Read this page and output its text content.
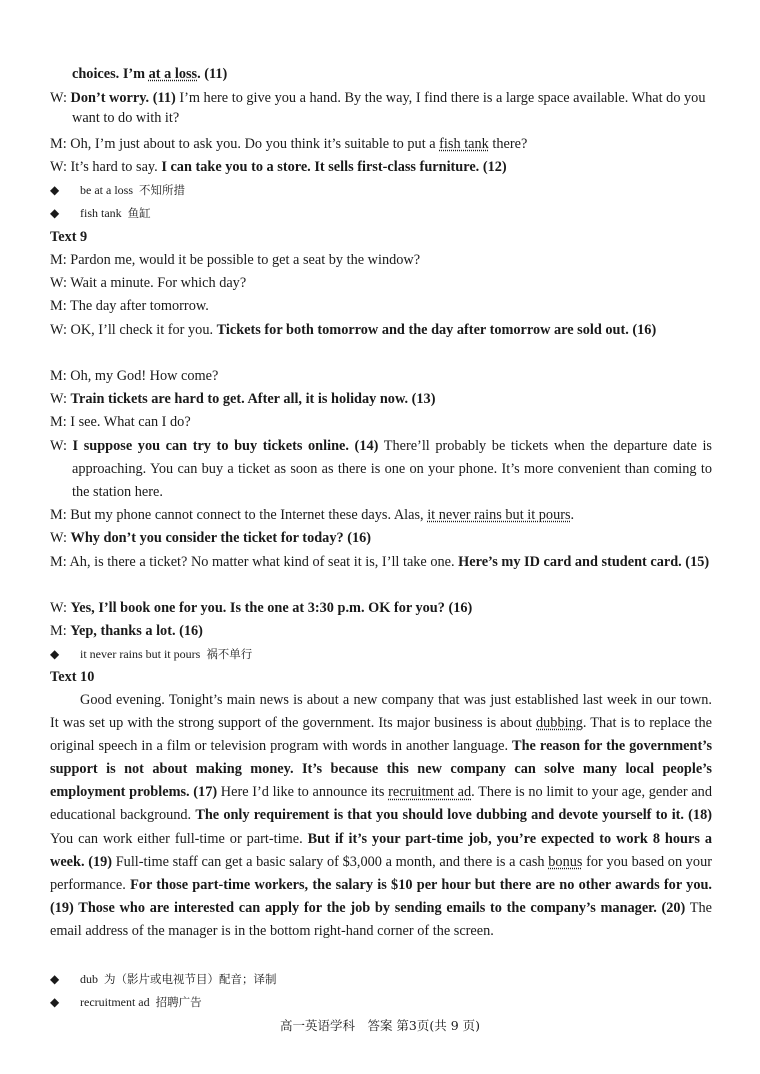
choices. I’m at a loss. (11)
W: Don’t worry. (11) I’m here to give you a hand. By the way, I find there is a large space available. What do you want to do with it?
M: Oh, I’m just about to ask you. Do you think it’s suitable to put a fish tank there?
W: It’s hard to say. I can take you to a store. It sells first-class furniture. (12)
◆ be at a loss 不知所措
◆ fish tank 鱼缸
Text 9
M: Pardon me, would it be possible to get a seat by the window?
W: Wait a minute. For which day?
M: The day after tomorrow.
W: OK, I’ll check it for you. Tickets for both tomorrow and the day after tomorrow are sold out. (16)
M: Oh, my God! How come?
W: Train tickets are hard to get. After all, it is holiday now. (13)
M: I see. What can I do?
W: I suppose you can try to buy tickets online. (14) There’ll probably be tickets when the departure date is approaching. You can buy a ticket as soon as there is one on your phone. It’s more convenient than coming to the station here.
M: But my phone cannot connect to the Internet these days. Alas, it never rains but it pours.
W: Why don’t you consider the ticket for today? (16)
M: Ah, is there a ticket? No matter what kind of seat it is, I’ll take one. Here’s my ID card and student card. (15)
W: Yes, I’ll book one for you. Is the one at 3:30 p.m. OK for you? (16)
M: Yep, thanks a lot. (16)
◆ it never rains but it pours 祸不单行
Text 10
Good evening. Tonight’s main news is about a new company that was just established last week in our town. It was set up with the strong support of the government. Its major business is about dubbing. That is to replace the original speech in a film or television program with words in another language. The reason for the government’s support is not about making money. It’s because this new company can solve many local people’s employment problems. (17) Here I’d like to announce its recruitment ad. There is no limit to your age, gender and educational background. The only requirement is that you should love dubbing and devote yourself to it. (18) You can work either full-time or part-time. But if it’s your part-time job, you’re expected to work 8 hours a week. (19) Full-time staff can get a basic salary of $3,000 a month, and there is a cash bonus for you based on your performance. For those part-time workers, the salary is $10 per hour but there are no other awards for you. (19) Those who are interested can apply for the job by sending emails to the company’s manager. (20) The email address of the manager is in the bottom right-hand corner of the screen.
◆ dub 为（影片或电视节目）配音；译制
◆ recruitment ad 招聘广告
高一英语学科　答案 第3页(共 9 页)
